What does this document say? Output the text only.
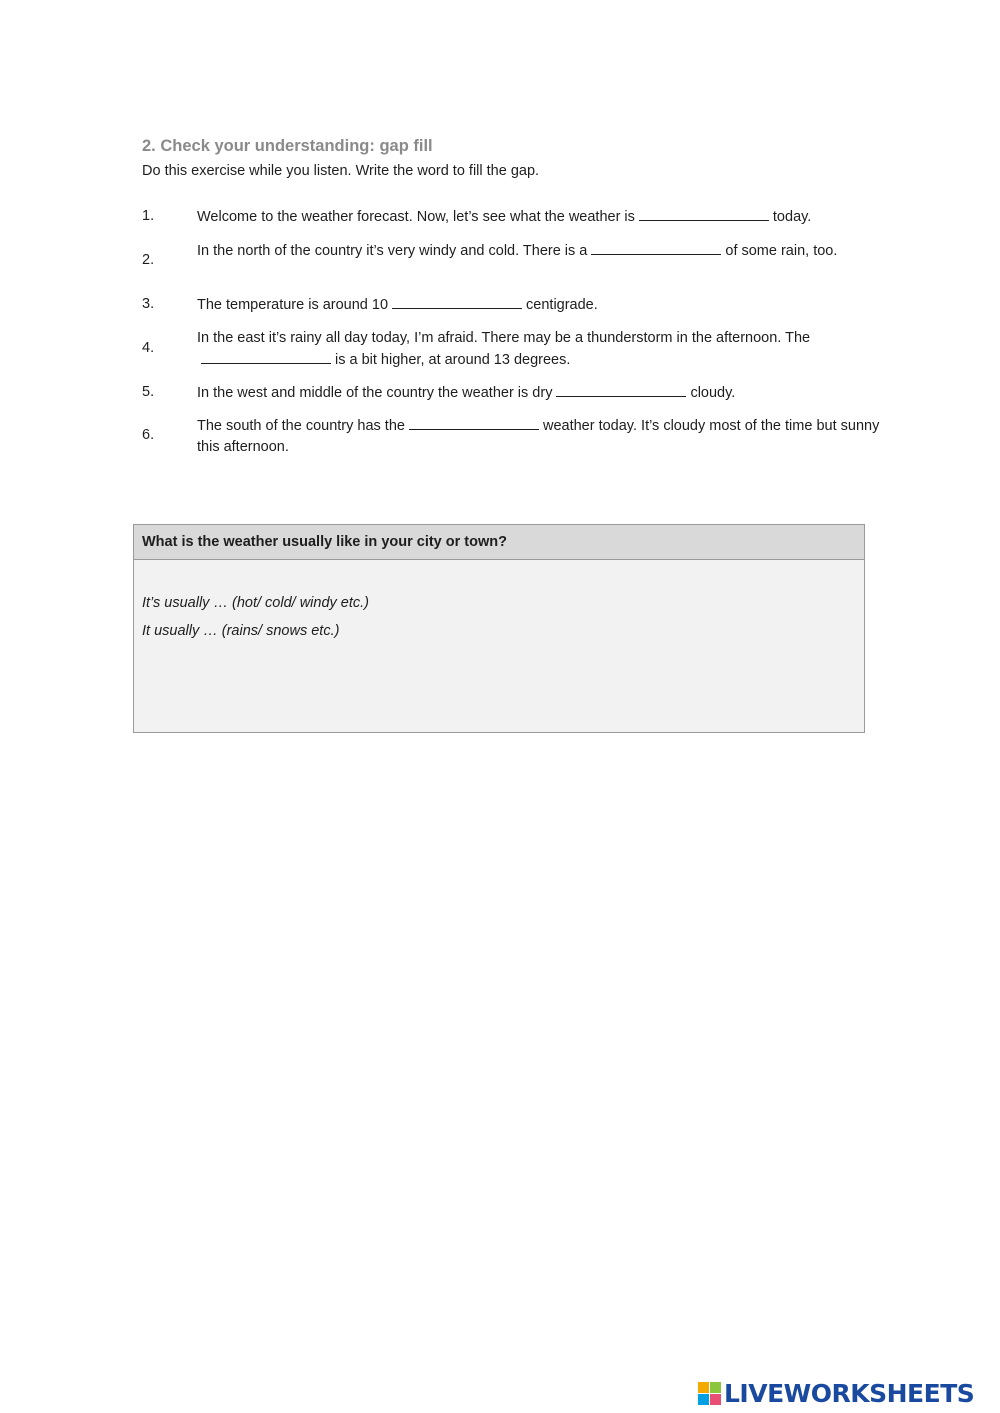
2. Check your understanding: gap fill

Do this exercise while you listen. Write the word to fill the gap.

1.	Welcome to the weather forecast. Now, let’s see what the weather is	today.
2.
In the north of the country it’s very windy and cold. There is a	of some rain, too.
3.	The temperature is around 10	centigrade.
4.
In the east it’s rainy all day today, I’m afraid. There may be a thunderstorm in the afternoon. Theis a bit higher, at around 13 degrees.
5.	In the west and middle of the country the weather is dry	cloudy.
6.
The south of the country has the	weather today. It’s cloudy most of the time but sunny this afternoon.
What is the weather usually like in your city or town?
It’s usually … (hot/ cold/ windy etc.)
It usually … (rains/ snows etc.)
LIVEWORKSHEETS
